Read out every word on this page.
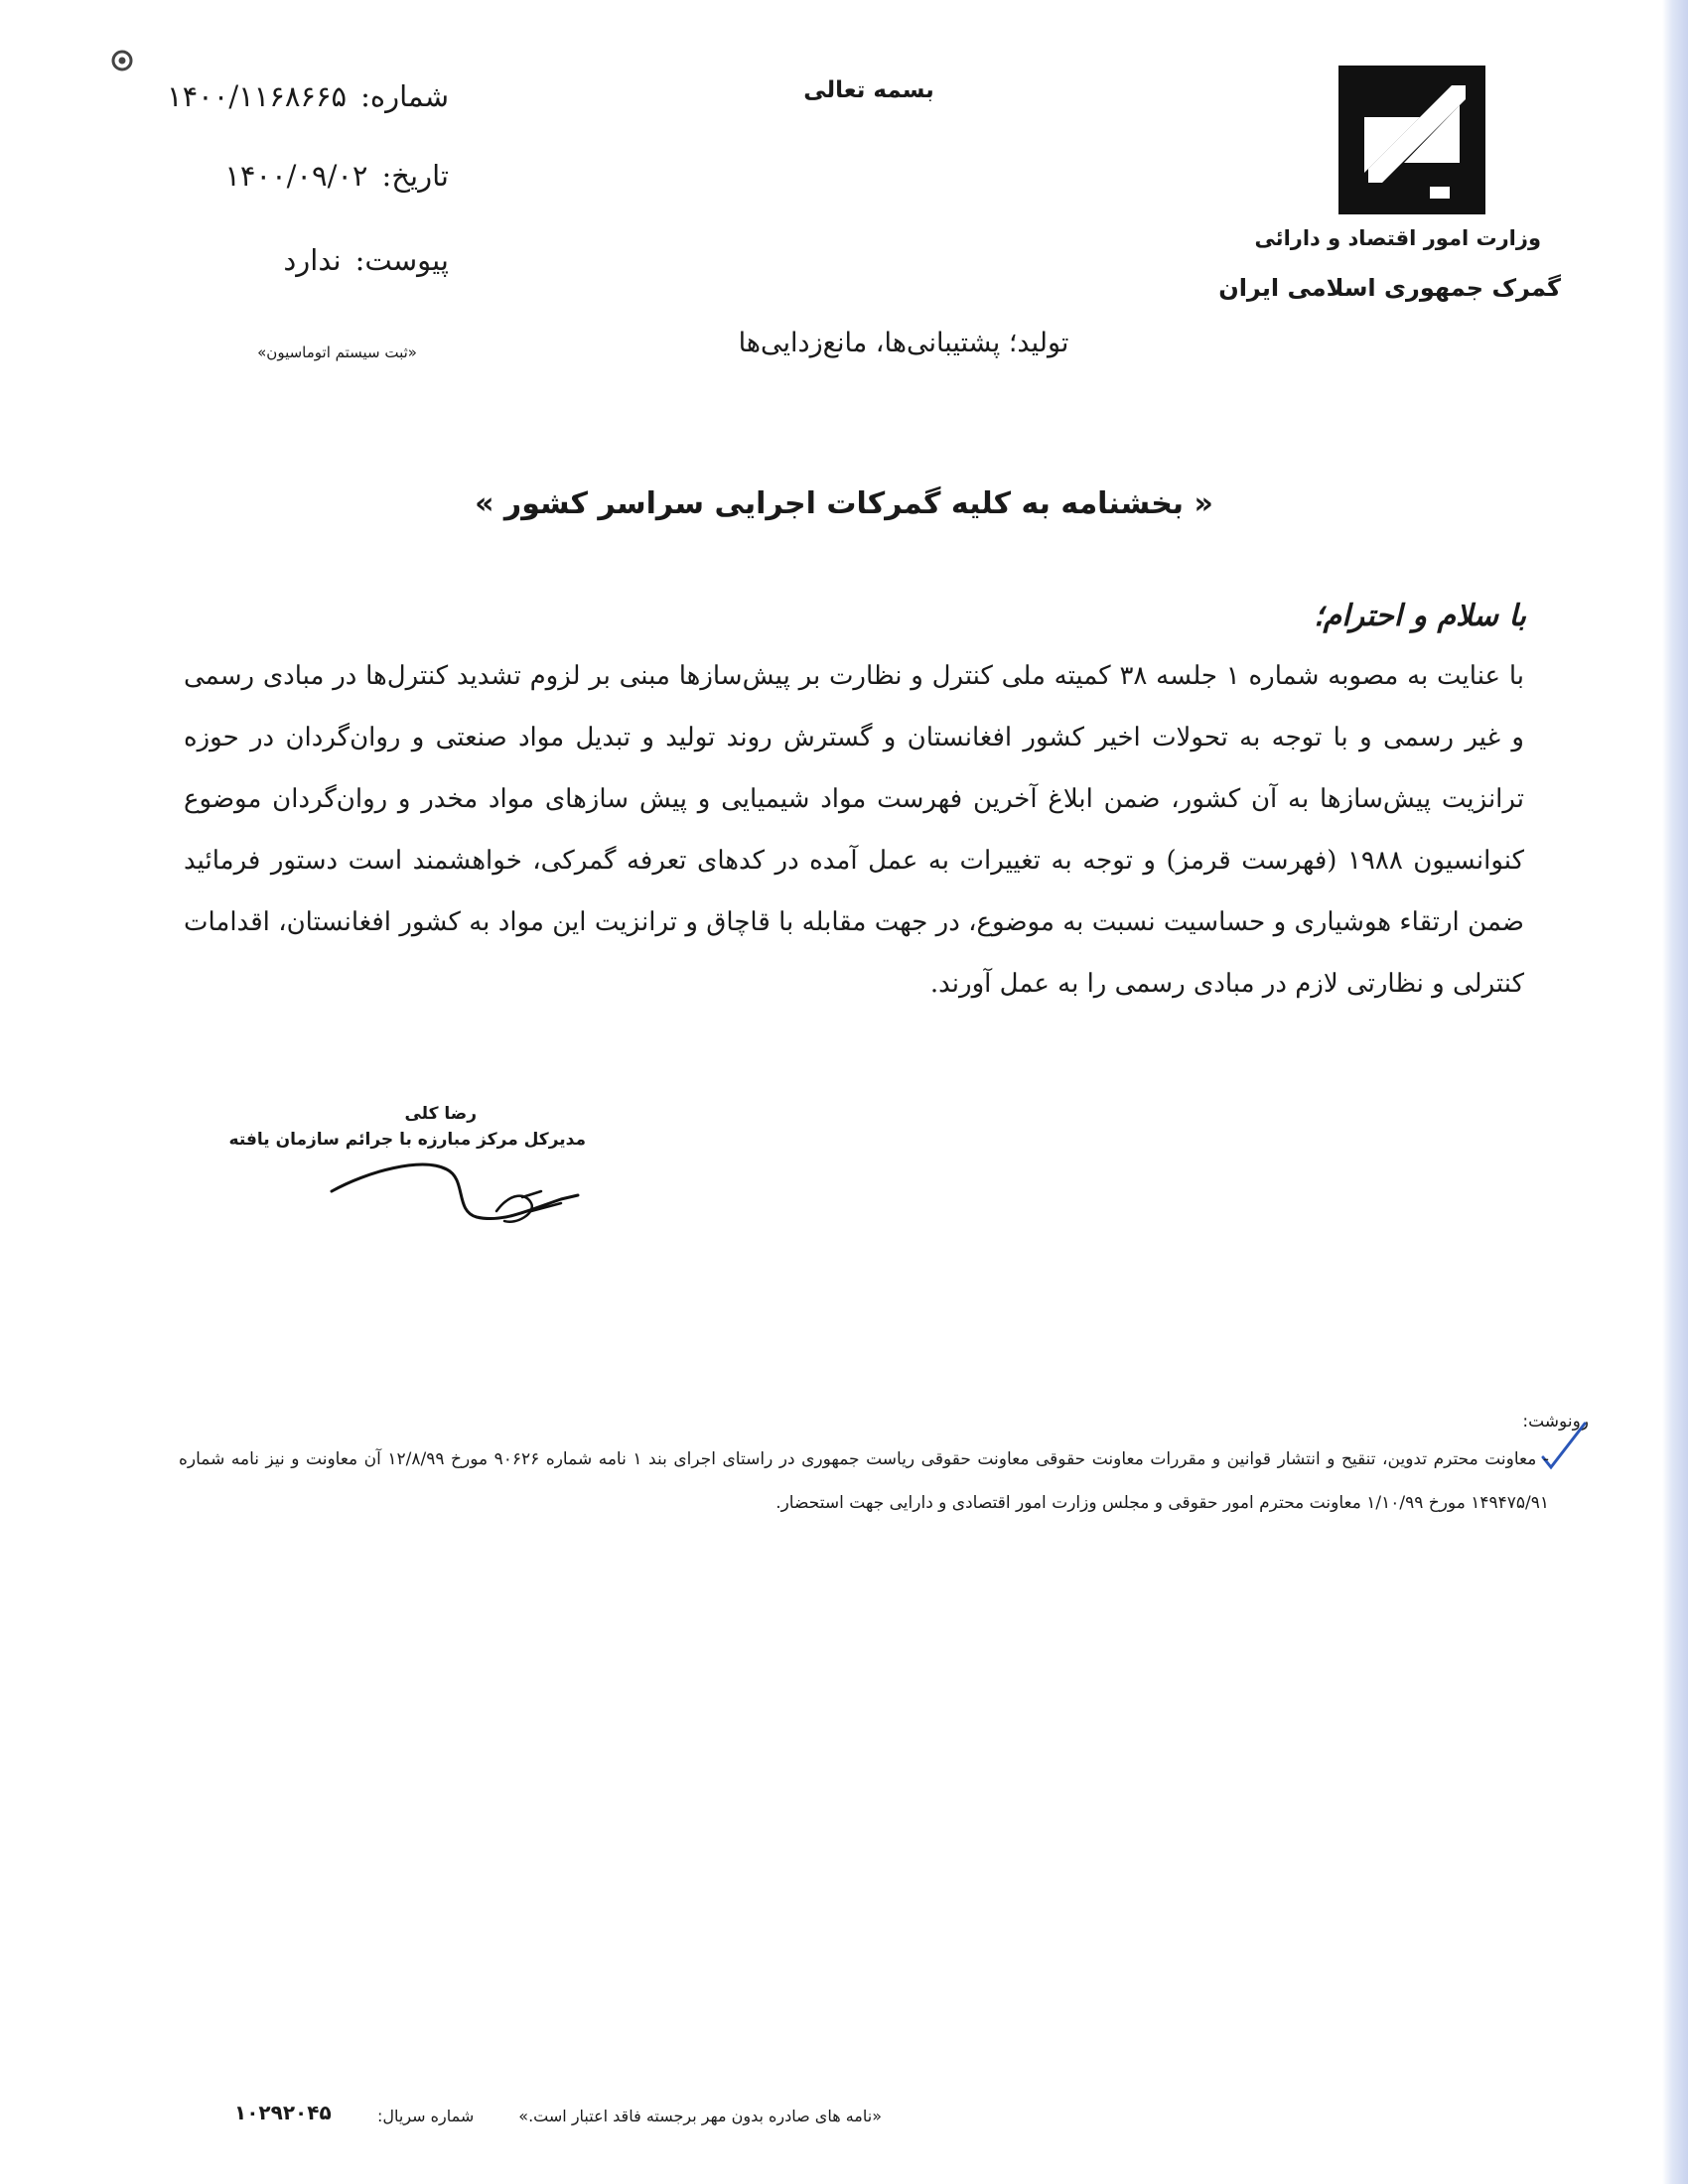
وزارت امور اقتصاد و دارائی
گمرک جمهوری اسلامی ایران
بسمه تعالی
شماره:۱۴۰۰/۱۱۶۸۶۶۵
تاریخ:۱۴۰۰/۰۹/۰۲
پیوست:ندارد
«ثبت سیستم اتوماسیون»	تولید؛ پشتیبانی‌ها، مانع‌زدایی‌ها
« بخشنامه به کلیه گمرکات اجرایی سراسر کشور »
با سلام و احترام؛
با عنایت به مصوبه شماره ۱ جلسه ۳۸ کمیته ملی کنترل و نظارت بر پیش‌سازها مبنی بر لزوم تشدید کنترل‌ها در مبادی رسمی و غیر رسمی و با توجه به تحولات اخیر کشور افغانستان و گسترش روند تولید و تبدیل مواد صنعتی و روان‌گردان در حوزه ترانزیت پیش‌سازها به آن کشور، ضمن ابلاغ آخرین فهرست مواد شیمیایی و پیش سازهای مواد مخدر و روان‌گردان موضوع کنوانسیون ۱۹۸۸ (فهرست قرمز) و توجه به تغییرات به عمل آمده در کدهای تعرفه گمرکی، خواهشمند است دستور فرمائید ضمن ارتقاء هوشیاری و حساسیت نسبت به موضوع، در جهت مقابله با قاچاق و ترانزیت این مواد به کشور افغانستان، اقدامات کنترلی و نظارتی لازم در مبادی رسمی را به عمل آورند.
رضا کلی
مدیرکل مرکز مبارزه با جرائم سازمان یافته
رونوشت:
- معاونت محترم تدوین، تنقیح و انتشار قوانین و مقررات معاونت حقوقی معاونت حقوقی ریاست جمهوری در راستای اجرای بند ۱ نامه شماره ۹۰۶۲۶ مورخ ۱۲/۸/۹۹ آن معاونت و نیز نامه شماره ۱۴۹۴۷۵/۹۱ مورخ ۱/۱۰/۹۹ معاونت محترم امور حقوقی و مجلس وزارت امور اقتصادی و دارایی جهت استحضار.
«نامه های صادره بدون مهر برجسته فاقد اعتبار است.»
شماره سریال:
۱۰۲۹۲۰۴۵
